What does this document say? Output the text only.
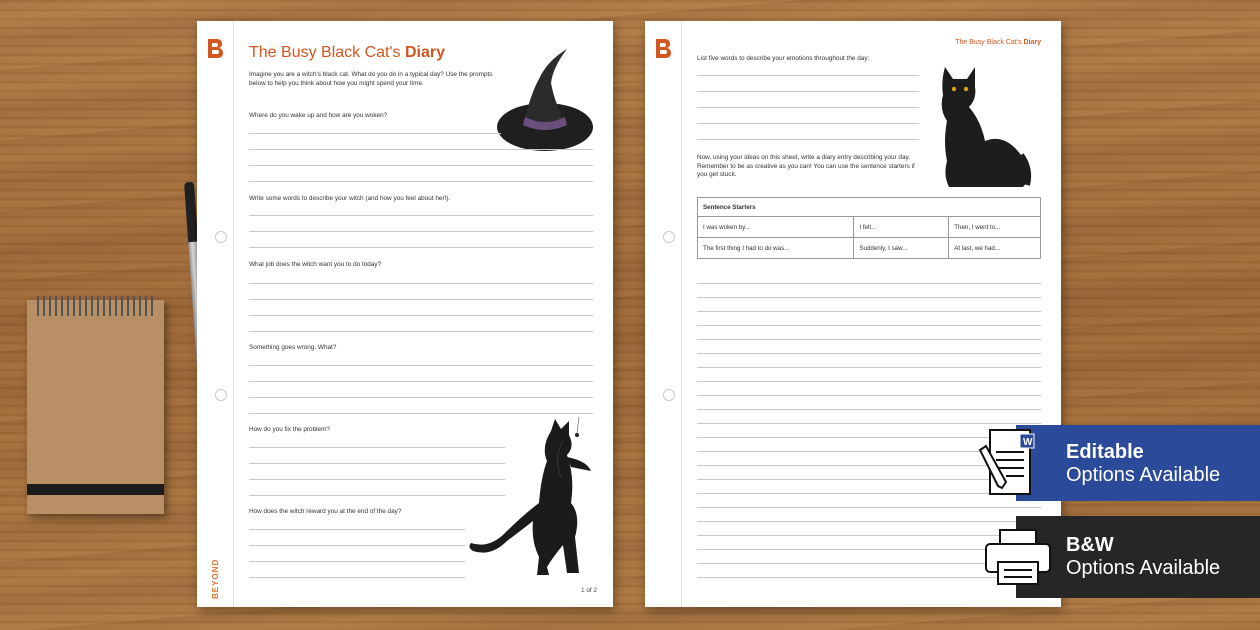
The Busy Black Cat's Diary
Imagine you are a witch's black cat. What do you do in a typical day? Use the prompts below to help you think about how you might spend your time.
Where do you wake up and how are you woken?
Write some words to describe your witch (and how you feel about her!).
What job does the witch want you to do today?
Something goes wrong. What?
How do you fix the problem?
How does the witch reward you at the end of the day?
BEYOND	1 of 2
The Busy Black Cat's Diary
List five words to describe your emotions throughout the day:
Now, using your ideas on this sheet, write a diary entry describing your day. Remember to be as creative as you can! You can use the sentence starters if you get stuck.
Sentence Starters		
I was woken by...	I felt...	Then, I went to...
The first thing I had to do was...	Suddenly, I saw...	At last, we had...
Editable
Options Available
W
B&W
Options Available
